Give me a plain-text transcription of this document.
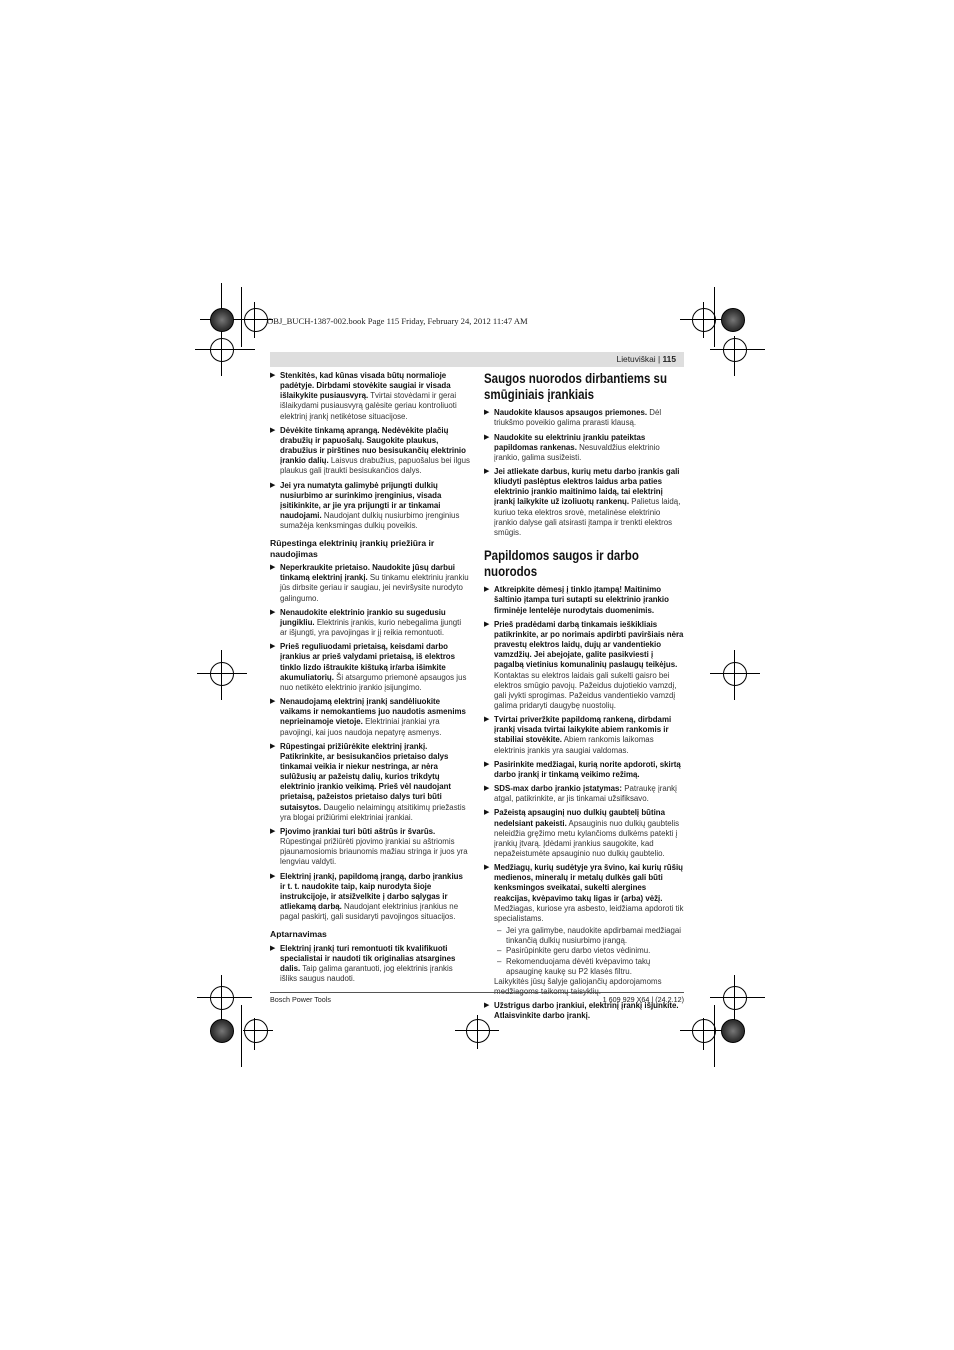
OBJ_BUCH-1387-002.book Page 115 Friday, February 24, 2012 11:47 AM
Lietuviškai | 115
▶ Stenkitės, kad kūnas visada būtų normalioje padėtyje. Dirbdami stovėkite saugiai ir visada išlaikykite pusiausvyrą. Tvirtai stovėdami ir gerai išlaikydami pusiausvyrą galėsite geriau kontroliuoti elektrinį įrankį netikėtose situacijose.
▶ Dėvėkite tinkamą aprangą. Nedėvėkite plačių drabužių ir papuošalų. Saugokite plaukus, drabužius ir pirštines nuo besisukančių elektrinio įrankio dalių. Laisvus drabužius, papuošalus bei ilgus plaukus gali įtraukti besisukančios dalys.
▶ Jei yra numatyta galimybė prijungti dulkių nusiurbimo ar surinkimo įrenginius, visada įsitikinkite, ar jie yra prijungti ir ar tinkamai naudojami. Naudojant dulkių nusiurbimo įrenginius sumažėja kenksmingas dulkių poveikis.
Rūpestinga elektrinių įrankių priežiūra ir naudojimas
▶ Neperkraukite prietaiso. Naudokite jūsų darbui tinkamą elektrinį įrankį. Su tinkamu elektriniu įrankiu jūs dirbsite geriau ir saugiau, jei neviršysite nurodyto galingumo.
▶ Nenaudokite elektrinio įrankio su sugedusiu jungikliu. Elektrinis įrankis, kurio nebegalima įjungti ar išjungti, yra pavojingas ir jį reikia remontuoti.
▶ Prieš reguliuodami prietaisą, keisdami darbo įrankius ar prieš valydami prietaisą, iš elektros tinklo lizdo ištraukite kištuką ir/arba išimkite akumuliatorių. Ši atsargumo priemonė apsaugos jus nuo netikėto elektrinio įrankio įsijungimo.
▶ Nenaudojamą elektrinį įrankį sandėliuokite vaikams ir nemokantiems juo naudotis asmenims neprieinamoje vietoje. Elektriniai įrankiai yra pavojingi, kai juos naudoja nepatyrę asmenys.
▶ Rūpestingai prižiūrėkite elektrinį įrankį. Patikrinkite, ar besisukančios prietaiso dalys tinkamai veikia ir niekur nestringa, ar nėra sulūžusių ar pažeistų dalių, kurios trikdytų elektrinio įrankio veikimą. Prieš vėl naudojant prietaisą, pažeistos prietaiso dalys turi būti sutaisytos. Daugelio nelaimingų atsitikimų priežastis yra blogai prižiūrimi elektriniai įrankiai.
▶ Pjovimo įrankiai turi būti aštrūs ir švarūs. Rūpestingai prižiūrėti pjovimo įrankiai su aštriomis pjaunamosiomis briaunomis mažiau stringa ir juos yra lengviau valdyti.
▶ Elektrinį įrankį, papildomą įrangą, darbo įrankius ir t. t. naudokite taip, kaip nurodyta šioje instrukcijoje, ir atsižvelkite į darbo sąlygas ir atliekamą darbą. Naudojant elektrinius įrankius ne pagal paskirtį, gali susidaryti pavojingos situacijos.
Aptarnavimas
▶ Elektrinį įrankį turi remontuoti tik kvalifikuoti specialistai ir naudoti tik originalias atsargines dalis. Taip galima garantuoti, jog elektrinis įrankis išliks saugus naudoti.
Saugos nuorodos dirbantiems su smūginiais įrankiais
▶ Naudokite klausos apsaugos priemones. Dėl triukšmo poveikio galima prarasti klausą.
▶ Naudokite su elektriniu įrankiu pateiktas papildomas rankenas. Nesuvaldžius elektrinio įrankio, galima susižeisti.
▶ Jei atliekate darbus, kurių metu darbo įrankis gali kliudyti paslėptus elektros laidus arba paties elektrinio įrankio maitinimo laidą, tai elektrinį įrankį laikykite už izoliuotų rankenų. Palietus laidą, kuriuo teka elektros srovė, metalinėse elektrinio įrankio dalyse gali atsirasti įtampa ir trenkti elektros smūgis.
Papildomos saugos ir darbo nuorodos
▶ Atkreipkite dėmesį į tinklo įtampą! Maitinimo šaltinio įtampa turi sutapti su elektrinio įrankio firminėje lentelėje nurodytais duomenimis.
▶ Prieš pradėdami darbą tinkamais ieškikliais patikrinkite, ar po norimais apdirbti paviršiais nėra pravestų elektros laidų, dujų ar vandentiekio vamzdžių. Jei abejojate, galite pasikviesti į pagalbą vietinius komunalinių paslaugų teikėjus. Kontaktas su elektros laidais gali sukelti gaisro bei elektros smūgio pavojų. Pažeidus dujotiekio vamzdį, gali įvykti sprogimas. Pažeidus vandentiekio vamzdį galima pridaryti daugybę nuostolių.
▶ Tvirtai priveržkite papildomą rankeną, dirbdami įrankį visada tvirtai laikykite abiem rankomis ir stabiliai stovėkite. Abiem rankomis laikomas elektrinis įrankis yra saugiai valdomas.
▶ Pasirinkite medžiagai, kurią norite apdoroti, skirtą darbo įrankį ir tinkamą veikimo režimą.
▶ SDS-max darbo įrankio įstatymas: Patraukę įrankį atgal, patikrinkite, ar jis tinkamai užsifiksavo.
▶ Pažeistą apsauginį nuo dulkių gaubtelį būtina nedelsiant pakeisti. Apsauginis nuo dulkių gaubtelis neleidžia gręžimo metu kylančioms dulkėms patekti į įrankių įtvarą. Įdėdami įrankius saugokite, kad nepažeistumėte apsauginio nuo dulkių gaubtelio.
▶ Medžiagų, kurių sudėtyje yra švino, kai kurių rūšių medienos, mineralų ir metalų dulkės gali būti kenksmingos sveikatai, sukelti alergines reakcijas, kvėpavimo takų ligas ir (arba) vėžį. Medžiagas, kuriose yra asbesto, leidžiama apdoroti tik specialistams.
– Jei yra galimybe, naudokite apdirbamai medžiagai tinkančią dulkių nusiurbimo įrangą.
– Pasirūpinkite geru darbo vietos vėdinimu.
– Rekomenduojama dėvėti kvėpavimo takų apsauginę kaukę su P2 klasės filtru.

Laikykitės jūsų šalyje galiojančių apdorojamoms

▶ Užstrigus darbo įrankiui, elektrinį įrankį išjunkite. Atlaisvinkite darbo įrankį.
Bosch Power Tools	1 609 929 X64 | (24.2.12)
